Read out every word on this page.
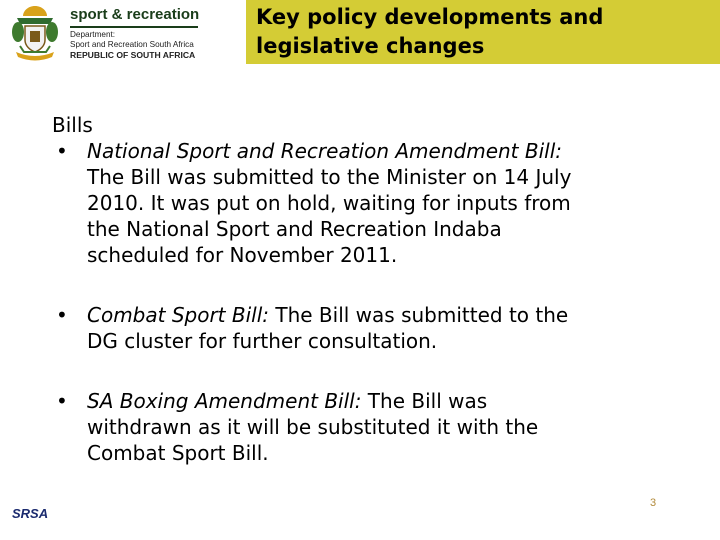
sport & recreation
Department:
Sport and Recreation South Africa
REPUBLIC OF SOUTH AFRICA
Key policy developments and
legislative changes
Bills
• National Sport and Recreation Amendment Bill:
The Bill was submitted to the Minister on 14 July
2010. It was put on hold, waiting for inputs from
the National Sport and Recreation Indaba
scheduled for November 2011.
• Combat Sport Bill: The Bill was submitted to the
DG cluster for further consultation.
• SA Boxing Amendment Bill: The Bill was
withdrawn as it will be substituted it with the
Combat Sport Bill.
3
SRSA
